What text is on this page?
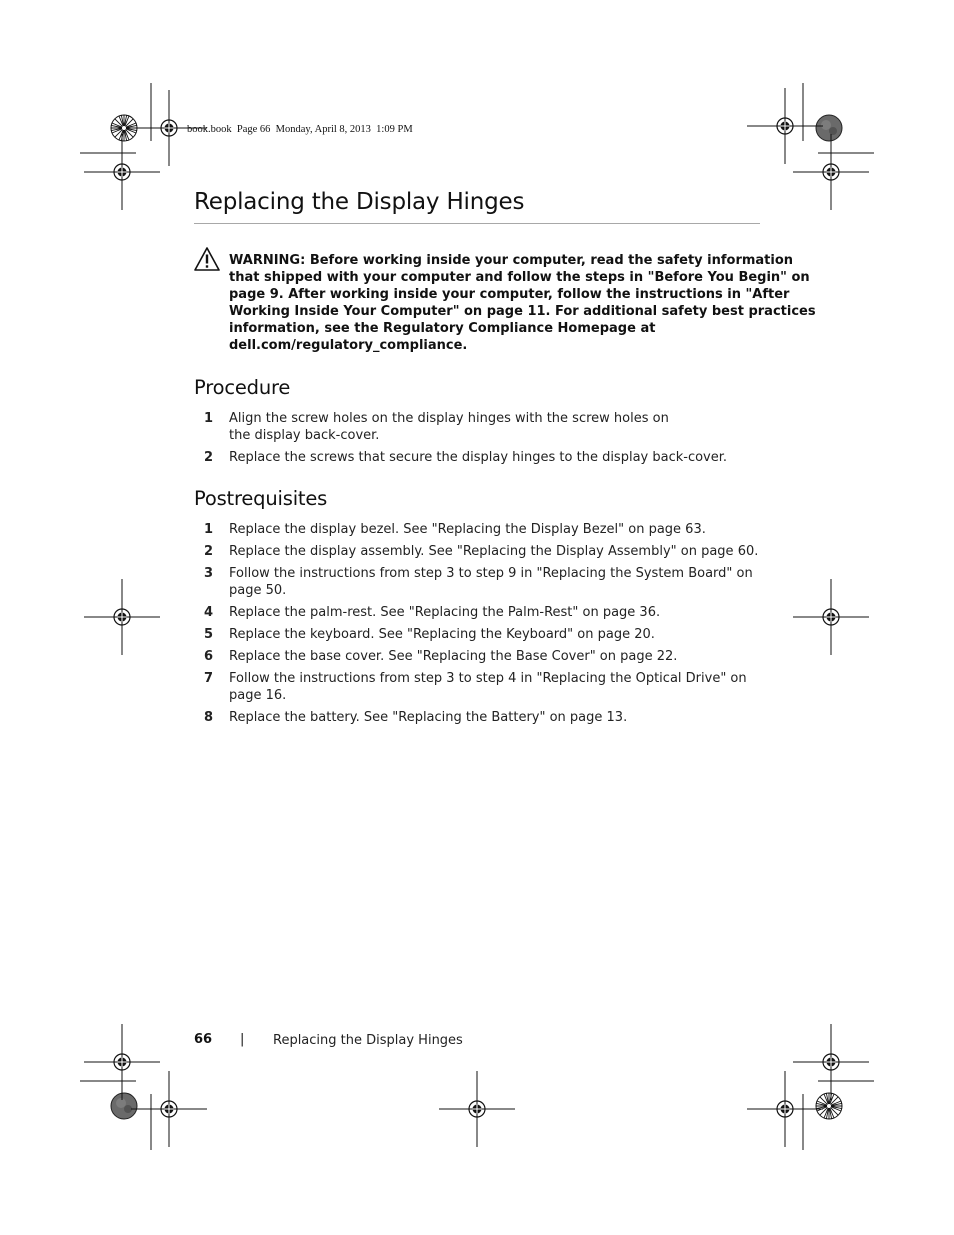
book.book  Page 66  Monday, April 8, 2013  1:09 PM
Replacing the Display Hinges
WARNING: Before working inside your computer, read the safety information
that shipped with your computer and follow the steps in "Before You Begin" on
page 9. After working inside your computer, follow the instructions in "After
Working Inside Your Computer" on page 11. For additional safety best practices
information, see the Regulatory Compliance Homepage at
dell.com/regulatory_compliance.
Procedure
1 Align the screw holes on the display hinges with the screw holes on
the display back-cover.
2 Replace the screws that secure the display hinges to the display back-cover.
Postrequisites
1 Replace the display bezel. See "Replacing the Display Bezel" on page 63.
2 Replace the display assembly. See "Replacing the Display Assembly" on page 60.
3 Follow the instructions from step 3 to step 9 in "Replacing the System Board" on
page 50.
4 Replace the palm-rest. See "Replacing the Palm-Rest" on page 36.
5 Replace the keyboard. See "Replacing the Keyboard" on page 20.
6 Replace the base cover. See "Replacing the Base Cover" on page 22.
7 Follow the instructions from step 3 to step 4 in "Replacing the Optical Drive" on
page 16.
8 Replace the battery. See "Replacing the Battery" on page 13.
66 | Replacing the Display Hinges
